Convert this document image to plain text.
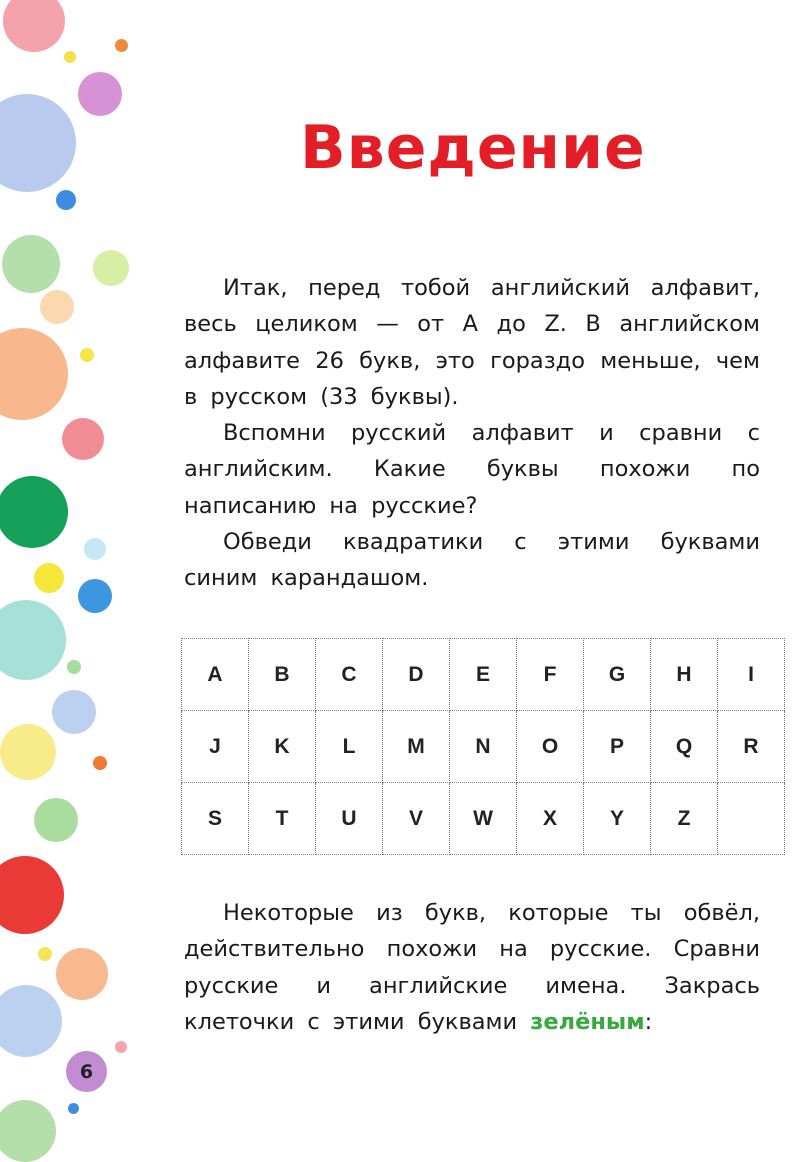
6
Введение

Итак, перед тобой английский алфавит, весь целиком — от A до Z. В английском алфавите 26 букв, это гораздо меньше, чем в русском (33 буквы).

Вспомни русский алфавит и сравни с английским. Какие буквы похожи по написанию на русские?

Обведи квадратики с этими буквами синим карандашом.

A	B	C	D	E	F	G	H	I
J	K	L	M	N	O	P	Q	R
S	T	U	V	W	X	Y	Z	

Некоторые из букв, которые ты обвёл, действительно похожи на русские. Сравни русские и английские имена. Закрась клеточки с этими буквами зелёным:
